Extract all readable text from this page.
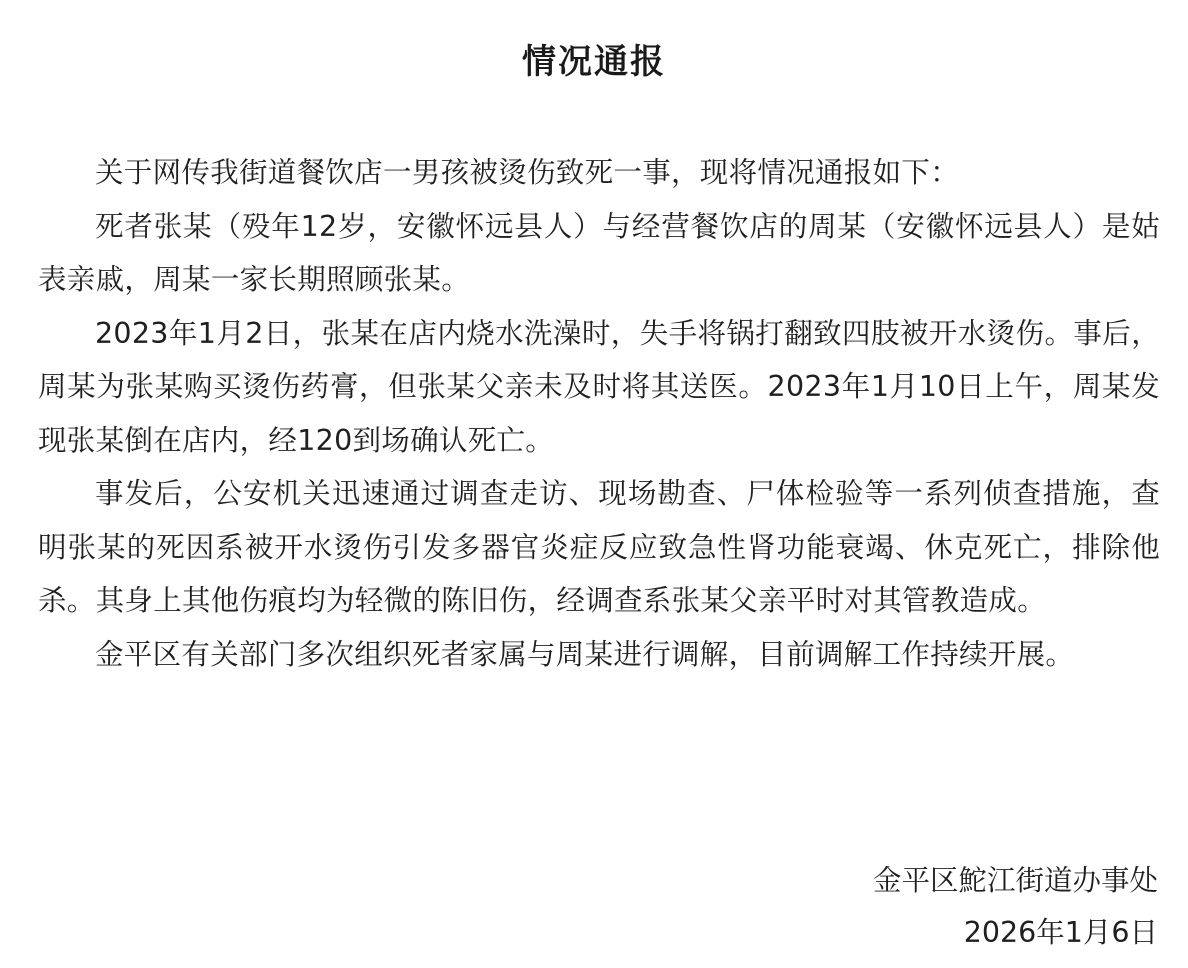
情况通报

关于网传我街道餐饮店一男孩被烫伤致死一事，现将情况通报如下：

死者张某（殁年12岁，安徽怀远县人）与经营餐饮店的周某（安徽怀远县人）是姑表亲戚，周某一家长期照顾张某。

2023年1月2日，张某在店内烧水洗澡时，失手将锅打翻致四肢被开水烫伤。事后，周某为张某购买烫伤药膏，但张某父亲未及时将其送医。2023年1月10日上午，周某发现张某倒在店内，经120到场确认死亡。

事发后，公安机关迅速通过调查走访、现场勘查、尸体检验等一系列侦查措施，查明张某的死因系被开水烫伤引发多器官炎症反应致急性肾功能衰竭、休克死亡，排除他杀。其身上其他伤痕均为轻微的陈旧伤，经调查系张某父亲平时对其管教造成。

金平区有关部门多次组织死者家属与周某进行调解，目前调解工作持续开展。

金平区鮀江街道办事处
2026年1月6日
